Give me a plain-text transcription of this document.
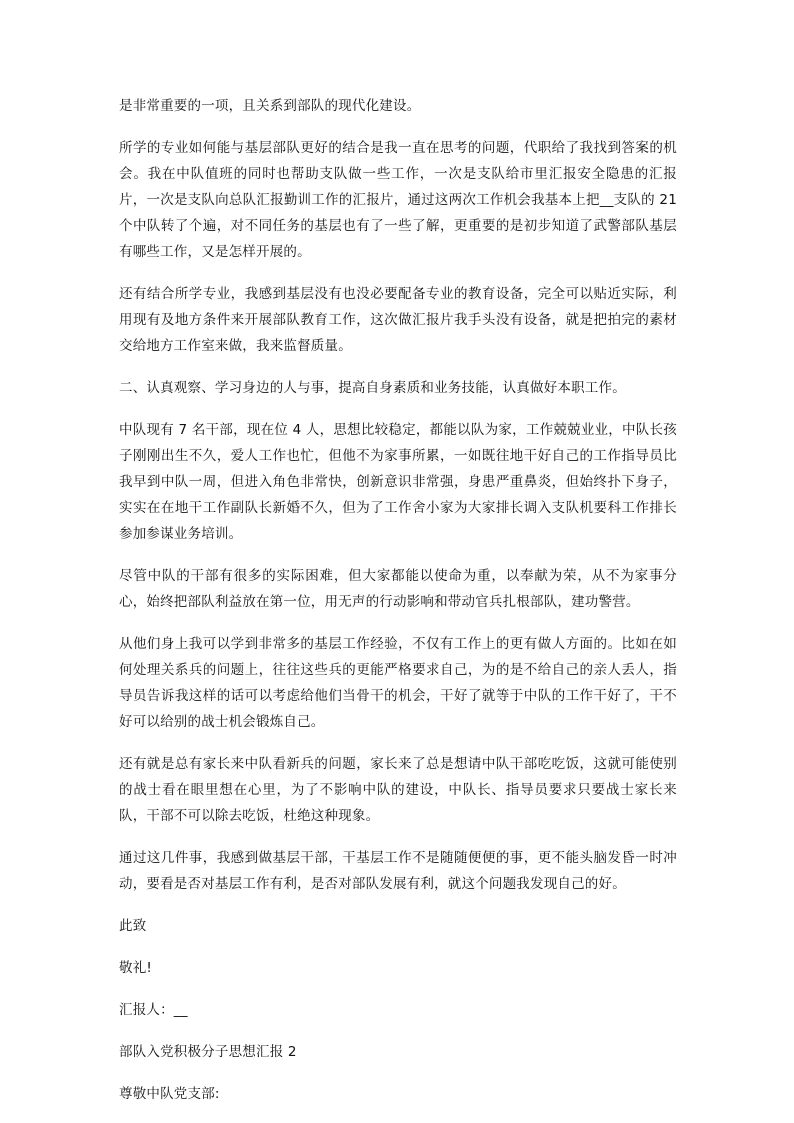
是非常重要的一项，且关系到部队的现代化建设。

所学的专业如何能与基层部队更好的结合是我一直在思考的问题，代职给了我找到答案的机会。我在中队值班的同时也帮助支队做一些工作，一次是支队给市里汇报安全隐患的汇报片，一次是支队向总队汇报勤训工作的汇报片，通过这两次工作机会我基本上把__支队的 21 个中队转了个遍，对不同任务的基层也有了一些了解，更重要的是初步知道了武警部队基层有哪些工作，又是怎样开展的。

还有结合所学专业，我感到基层没有也没必要配备专业的教育设备，完全可以贴近实际，利用现有及地方条件来开展部队教育工作，这次做汇报片我手头没有设备，就是把拍完的素材交给地方工作室来做，我来监督质量。

二、认真观察、学习身边的人与事，提高自身素质和业务技能，认真做好本职工作。

中队现有 7 名干部，现在位 4 人，思想比较稳定，都能以队为家，工作兢兢业业，中队长孩子刚刚出生不久，爱人工作也忙，但他不为家事所累，一如既往地干好自己的工作指导员比我早到中队一周，但进入角色非常快，创新意识非常强，身患严重鼻炎，但始终扑下身子，实实在在地干工作副队长新婚不久，但为了工作舍小家为大家排长调入支队机要科工作排长参加参谋业务培训。

尽管中队的干部有很多的实际困难，但大家都能以使命为重，以奉献为荣，从不为家事分心，始终把部队利益放在第一位，用无声的行动影响和带动官兵扎根部队，建功警营。

从他们身上我可以学到非常多的基层工作经验，不仅有工作上的更有做人方面的。比如在如何处理关系兵的问题上，往往这些兵的更能严格要求自己，为的是不给自己的亲人丢人，指导员告诉我这样的话可以考虑给他们当骨干的机会，干好了就等于中队的工作干好了，干不好可以给别的战士机会锻炼自己。

还有就是总有家长来中队看新兵的问题，家长来了总是想请中队干部吃吃饭，这就可能使别的战士看在眼里想在心里，为了不影响中队的建设，中队长、指导员要求只要战士家长来队，干部不可以除去吃饭，杜绝这种现象。

通过这几件事，我感到做基层干部，干基层工作不是随随便便的事，更不能头脑发昏一时冲动，要看是否对基层工作有利，是否对部队发展有利，就这个问题我发现自己的好。

此致

敬礼!

汇报人：__

部队入党积极分子思想汇报 2

尊敬中队党支部:
